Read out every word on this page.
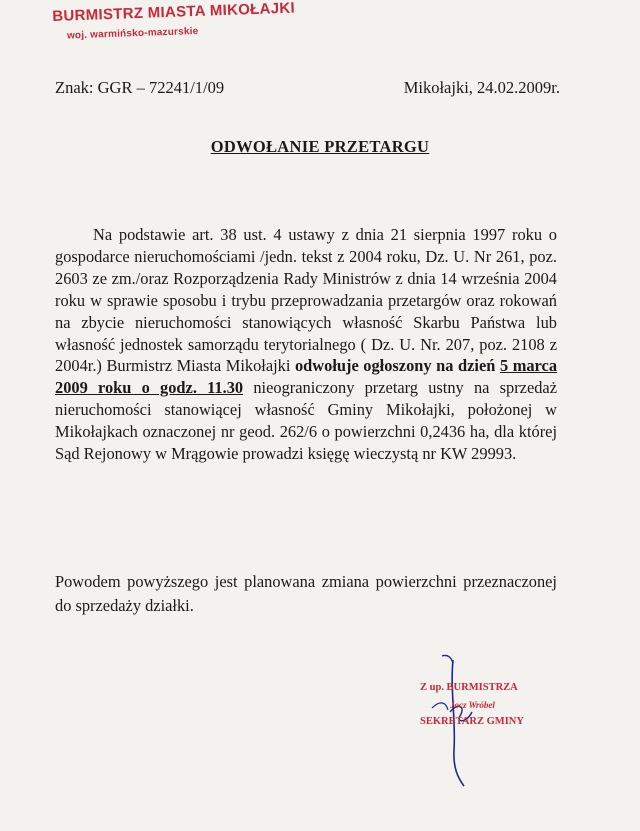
BURMISTRZ MIASTA MIKOŁAJKI
woj. warmińsko-mazurskie
Znak: GGR – 72241/1/09	Mikołajki, 24.02.2009r.
ODWOŁANIE PRZETARGU

Na podstawie art. 38 ust. 4 ustawy z dnia 21 sierpnia 1997 roku o gospodarce nieruchomościami /jedn. tekst z 2004 roku, Dz. U. Nr 261, poz. 2603 ze zm./oraz Rozporządzenia Rady Ministrów z dnia 14 września 2004 roku w sprawie sposobu i trybu przeprowadzania przetargów oraz rokowań na zbycie nieruchomości stanowiących własność Skarbu Państwa lub własność jednostek samorządu terytorialnego ( Dz. U. Nr. 207, poz. 2108 z 2004r.) Burmistrz Miasta Mikołajki odwołuje ogłoszony na dzień 5 marca 2009 roku o godz. 11.30 nieograniczony przetarg ustny na sprzedaż nieruchomości stanowiącej własność Gminy Mikołajki, położonej w Mikołajkach oznaczonej nr geod. 262/6 o powierzchni 0,2436 ha, dla której Sąd Rejonowy w Mrągowie prowadzi księgę wieczystą nr KW 29993.

Powodem powyższego jest planowana zmiana powierzchni przeznaczonej do sprzedaży działki.

Z up. BURMISTRZA
Jocz Wróbel
SEKRETARZ GMINY
